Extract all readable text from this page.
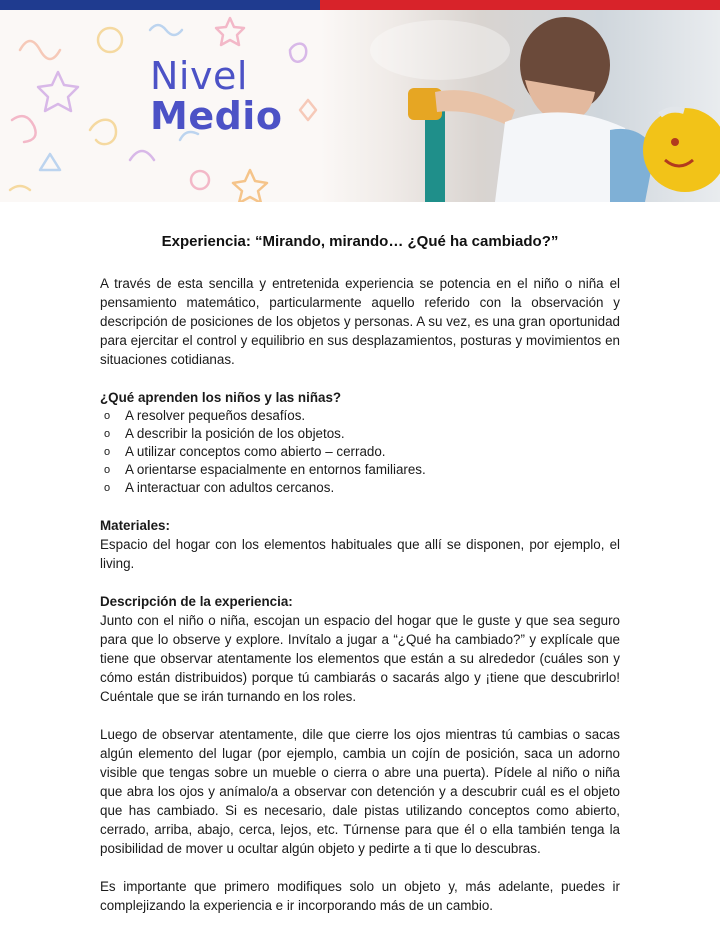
Nivel
Medio
Experiencia: “Mirando, mirando… ¿Qué ha cambiado?”

A través de esta sencilla y entretenida experiencia se potencia en el niño o niña el pensamiento matemático, particularmente aquello referido con la observación y descripción de posiciones de los objetos y personas. A su vez, es una gran oportunidad para ejercitar el control y equilibrio en sus desplazamientos, posturas y movimientos en situaciones cotidianas.

¿Qué aprenden los niños y las niñas?
o A resolver pequeños desafíos.
o A describir la posición de los objetos.
o A utilizar conceptos como abierto – cerrado.
o A orientarse espacialmente en entornos familiares.
o A interactuar con adultos cercanos.
Materiales:

Espacio del hogar con los elementos habituales que allí se disponen, por ejemplo, el living.

Descripción de la experiencia:

Junto con el niño o niña, escojan un espacio del hogar que le guste y que sea seguro para que lo observe y explore. Invítalo a jugar a “¿Qué ha cambiado?” y explícale que tiene que observar atentamente los elementos que están a su alrededor (cuáles son y cómo están distribuidos) porque tú cambiarás o sacarás algo y ¡tiene que descubrirlo! Cuéntale que se irán turnando en los roles.

Luego de observar atentamente, dile que cierre los ojos mientras tú cambias o sacas algún elemento del lugar (por ejemplo, cambia un cojín de posición, saca un adorno visible que tengas sobre un mueble o cierra o abre una puerta). Pídele al niño o niña que abra los ojos y anímalo/a a observar con detención y a descubrir cuál es el objeto que has cambiado. Si es necesario, dale pistas utilizando conceptos como abierto, cerrado, arriba, abajo, cerca, lejos, etc. Túrnense para que él o ella también tenga la posibilidad de mover u ocultar algún objeto y pedirte a ti que lo descubras.

Es importante que primero modifiques solo un objeto y, más adelante, puedes ir complejizando la experiencia e ir incorporando más de un cambio.
